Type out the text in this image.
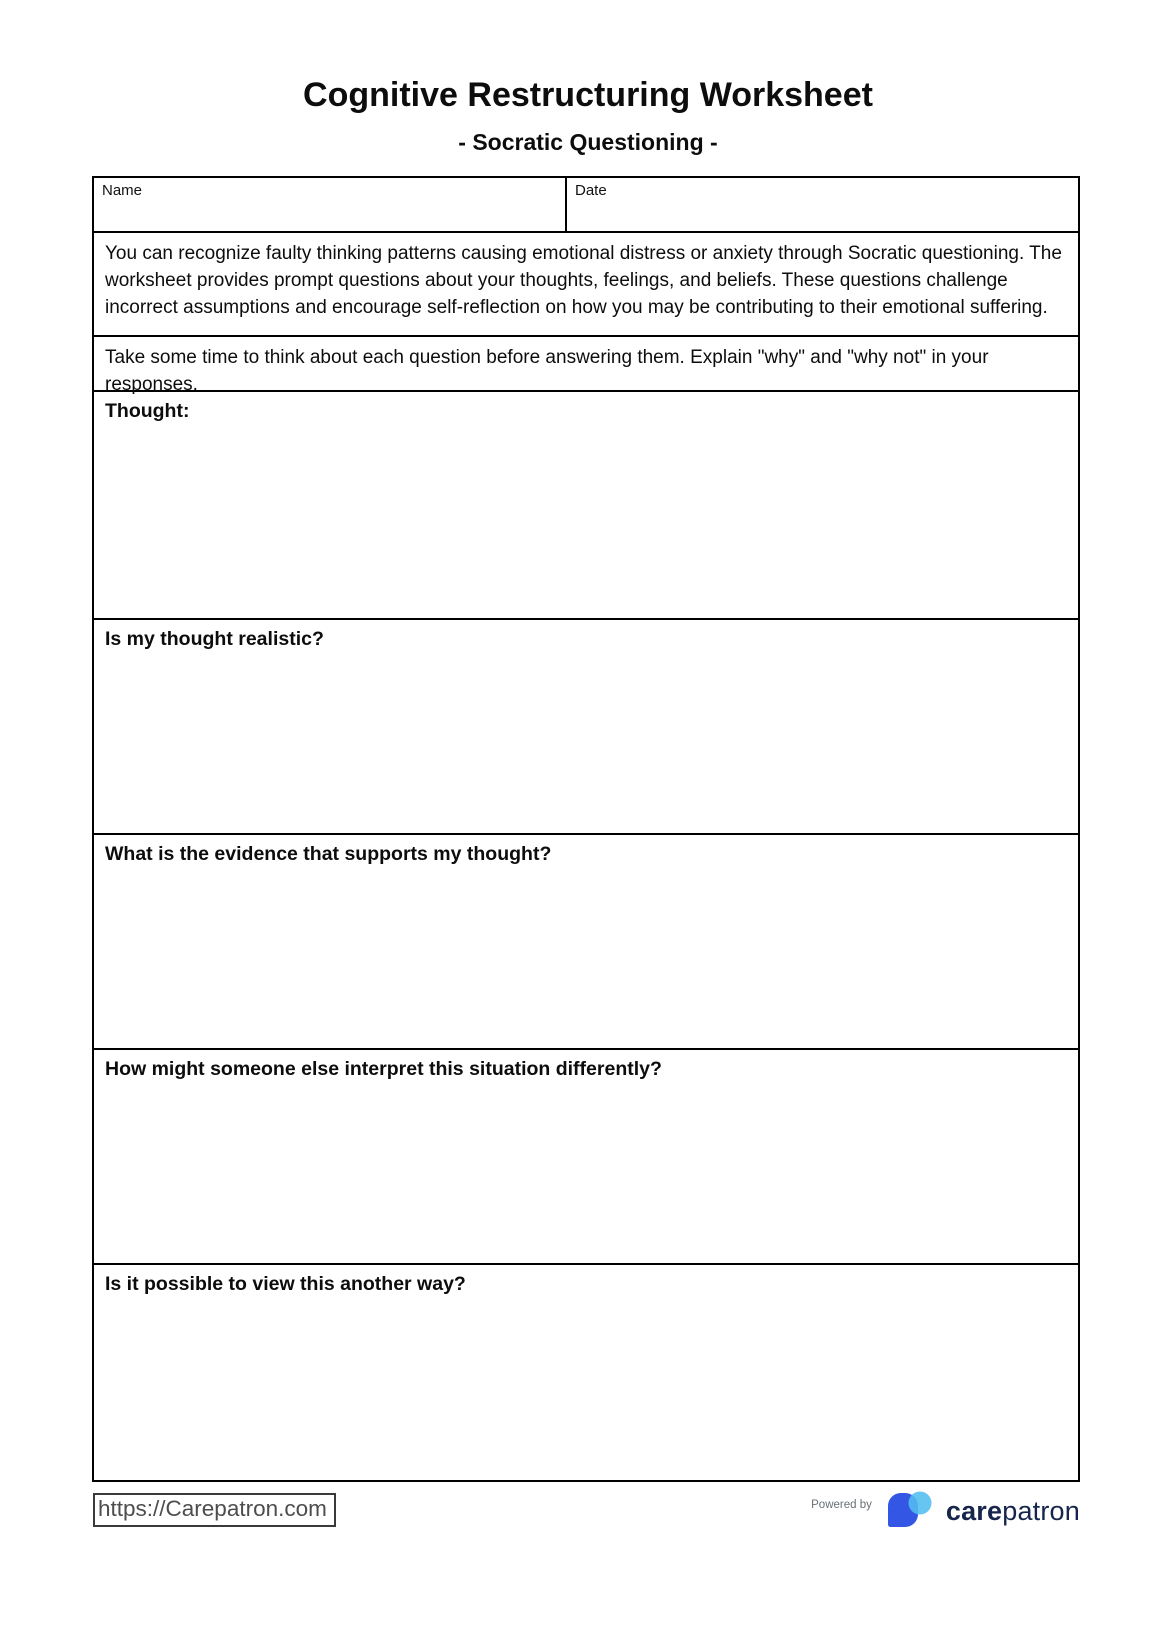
Cognitive Restructuring Worksheet
- Socratic Questioning -
Name	Date
You can recognize faulty thinking patterns causing emotional distress or anxiety through Socratic questioning. The worksheet provides prompt questions about your thoughts, feelings, and beliefs. These questions challenge incorrect assumptions and encourage self-reflection on how you may be contributing to their emotional suffering.
Take some time to think about each question before answering them. Explain "why" and "why not" in your responses.
Thought:
Is my thought realistic?
What is the evidence that supports my thought?
How might someone else interpret this situation differently?
Is it possible to view this another way?
https://Carepatron.com	Powered by	carepatron
